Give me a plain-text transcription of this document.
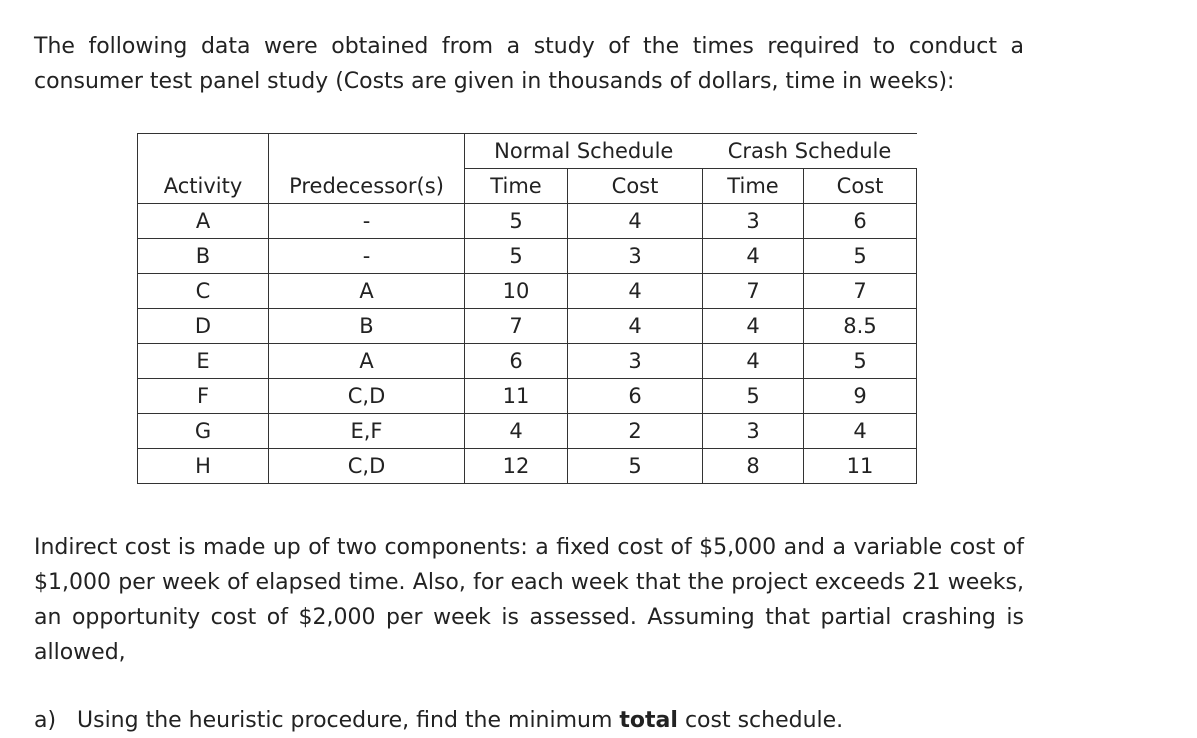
The following data were obtained from a study of the times required to conduct a consumer test panel study (Costs are given in thousands of dollars, time in weeks):

		Normal Schedule		Crash Schedule	
Activity	Predecessor(s)	Time	Cost	Time	Cost
A	-	5	4	3	6
B	-	5	3	4	5
C	A	10	4	7	7
D	B	7	4	4	8.5
E	A	6	3	4	5
F	C,D	11	6	5	9
G	E,F	4	2	3	4
H	C,D	12	5	8	11

Indirect cost is made up of two components: a fixed cost of $5,000 and a variable cost of $1,000 per week of elapsed time. Also, for each week that the project exceeds 21 weeks, an opportunity cost of $2,000 per week is assessed. Assuming that partial crashing is allowed,

a) Using the heuristic procedure, find the minimum total cost schedule.
